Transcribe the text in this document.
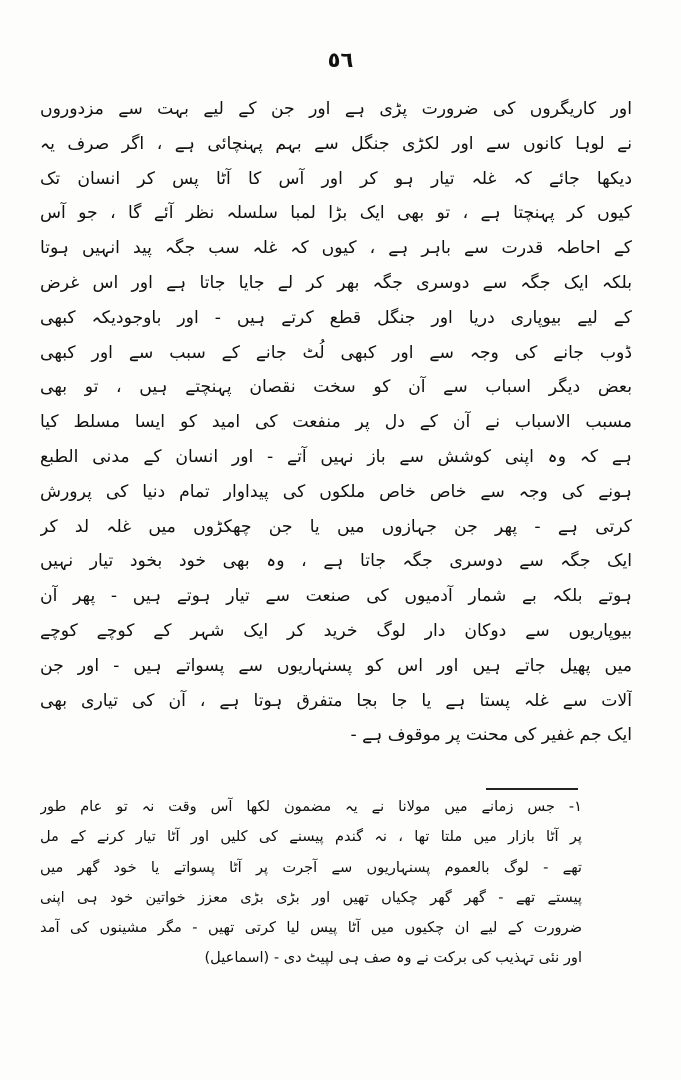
٥٦
اور کاریگروں کی ضرورت پڑی ہے اور جن کے لیے بہت سے مزدوروں
نے لوہا کانوں سے اور لکڑی جنگل سے بہم پہنچائی ہے ، اگر صرف یہ
دیکھا جائے کہ غلہ تیار ہو کر اور آس کا آٹا پس کر انسان تک
کیوں کر پہنچتا ہے ، تو بھی ایک بڑا لمبا سلسلہ نظر آئے گا ، جو آس
کے احاطہ قدرت سے باہر ہے ، کیوں کہ غلہ سب جگہ پید انہیں ہوتا
بلکہ ایک جگہ سے دوسری جگہ بھر کر لے جایا جاتا ہے اور اس غرض
کے لیے بیوپاری دریا اور جنگل قطع کرتے ہیں - اور باوجودیکہ کبھی
ڈوب جانے کی وجہ سے اور کبھی لُٹ جانے کے سبب سے اور کبھی
بعض دیگر اسباب سے آن کو سخت نقصان پہنچتے ہیں ، تو بھی
مسبب الاسباب نے آن کے دل پر منفعت کی امید کو ایسا مسلط کیا
ہے کہ وہ اپنی کوشش سے باز نہیں آتے - اور انسان کے مدنی الطبع
ہونے کی وجہ سے خاص خاص ملکوں کی پیداوار تمام دنیا کی پرورش
کرتی ہے - پھر جن جہازوں میں یا جن چھکڑوں میں غلہ لد کر
ایک جگہ سے دوسری جگہ جاتا ہے ، وہ بھی خود بخود تیار نہیں
ہوتے بلکہ بے شمار آدمیوں کی صنعت سے تیار ہوتے ہیں - پھر آن
بیوپاریوں سے دوکان دار لوگ خرید کر ایک شہر کے کوچے کوچے
میں پھیل جاتے ہیں اور اس کو پسنہاریوں سے پسواتے ہیں - اور جن
آلات سے غلہ پستا ہے یا جا بجا متفرق ہوتا ہے ، آن کی تیاری بھی
ایک جم غفیر کی محنت پر موقوف ہے -
١- جس زمانے میں مولانا نے یہ مضمون لکھا آس وقت نہ تو عام طور
پر آٹا بازار میں ملتا تھا ، نہ گندم پیسنے کی کلیں اور آٹا تیار کرنے کے مل
تھے - لوگ بالعموم پسنہاریوں سے آجرت پر آٹا پسواتے یا خود گھر میں
پیستے تھے - گھر گھر چکیاں تھیں اور بڑی بڑی معزز خواتین خود ہی اپنی
ضرورت کے لیے ان چکیوں میں آٹا پیس لیا کرتی تھیں - مگر مشینوں کی آمد
اور نئی تہذیب کی برکت نے وہ صف ہی لپیٹ دی - (اسماعیل)
